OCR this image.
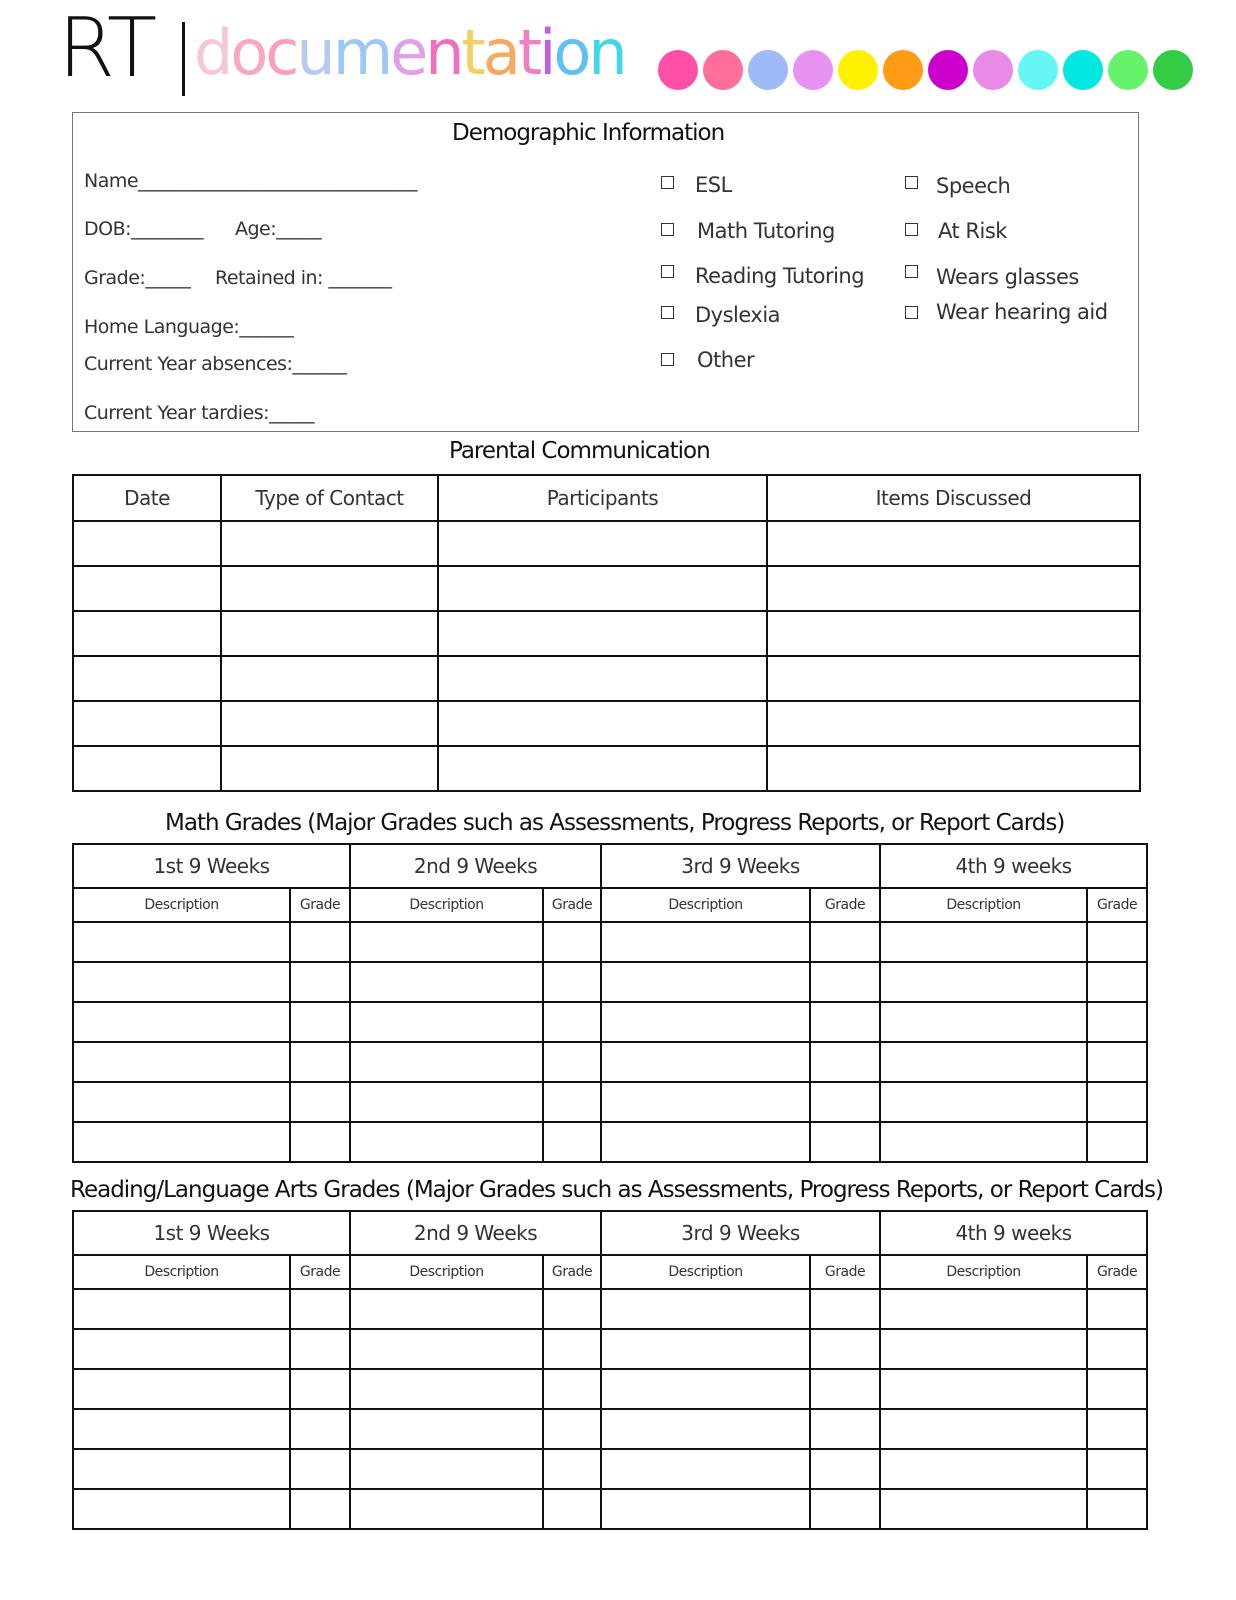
RT documentation
Demographic Information
Name_______________________________
DOB:________ Age:_____
Grade:_____ Retained in: _______
Home Language:______
Current Year absences:______
Current Year tardies:_____
ESL
Math Tutoring
Reading Tutoring
Dyslexia
Other
Speech
At Risk
Wears glasses
Wear hearing aid
Parental Communication
Date	Type of Contact	Participants	Items Discussed

Math Grades (Major Grades such as Assessments, Progress Reports, or Report Cards)
1st 9 Weeks		2nd 9 Weeks		3rd 9 Weeks		4th 9 weeks	
Description	Grade	Description	Grade	Description	Grade	Description	Grade

Reading/Language Arts Grades (Major Grades such as Assessments, Progress Reports, or Report Cards)
1st 9 Weeks		2nd 9 Weeks		3rd 9 Weeks		4th 9 weeks	
Description	Grade	Description	Grade	Description	Grade	Description	Grade
